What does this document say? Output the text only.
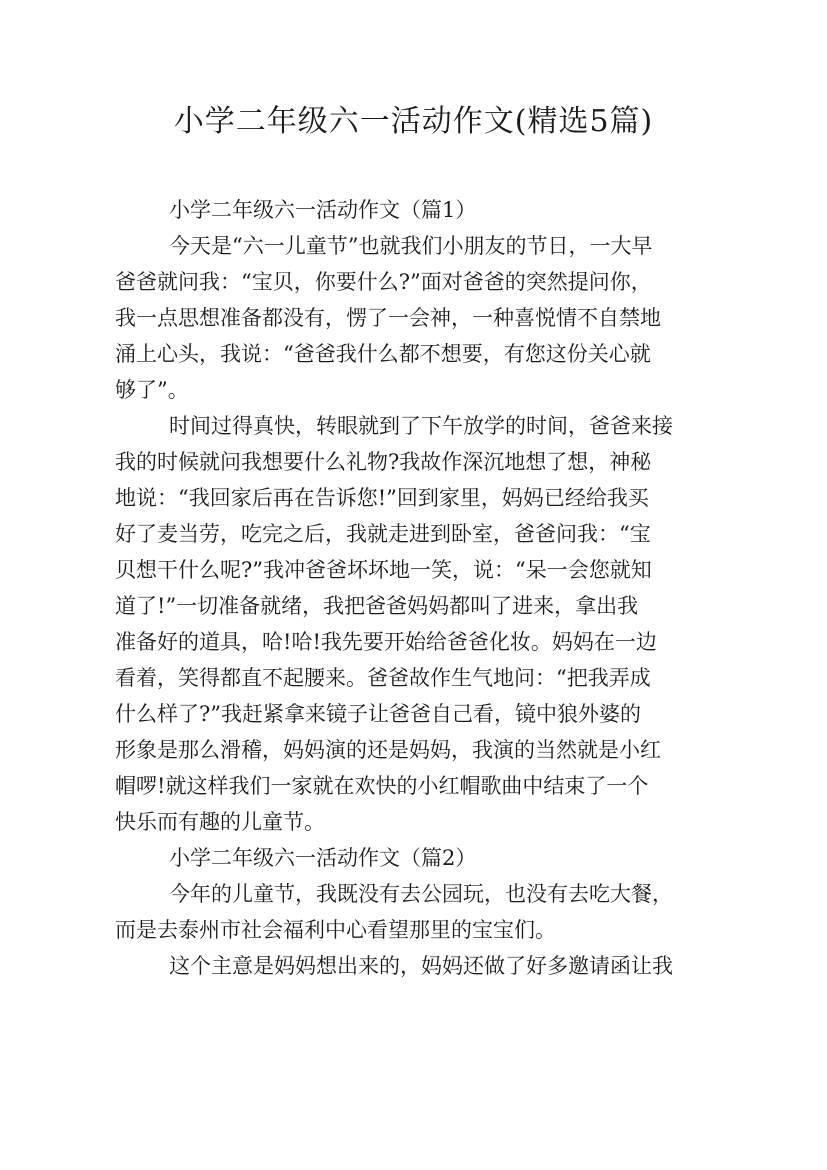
小学二年级六一活动作文(精选5篇)

小学二年级六一活动作文（篇1）

今天是“六一儿童节”也就我们小朋友的节日，一大早
爸爸就问我：“宝贝，你要什么?”面对爸爸的突然提问你，
我一点思想准备都没有，愣了一会神，一种喜悦情不自禁地
涌上心头，我说：“爸爸我什么都不想要，有您这份关心就
够了”。
时间过得真快，转眼就到了下午放学的时间，爸爸来接
我的时候就问我想要什么礼物?我故作深沉地想了想，神秘
地说：“我回家后再在告诉您!”回到家里，妈妈已经给我买
好了麦当劳，吃完之后，我就走进到卧室，爸爸问我：“宝
贝想干什么呢?”我冲爸爸坏坏地一笑，说：“呆一会您就知
道了!”一切准备就绪，我把爸爸妈妈都叫了进来，拿出我
准备好的道具，哈!哈!我先要开始给爸爸化妆。妈妈在一边
看着，笑得都直不起腰来。爸爸故作生气地问：“把我弄成
什么样了?”我赶紧拿来镜子让爸爸自己看，镜中狼外婆的
形象是那么滑稽，妈妈演的还是妈妈，我演的当然就是小红
帽啰!就这样我们一家就在欢快的小红帽歌曲中结束了一个
快乐而有趣的儿童节。

小学二年级六一活动作文（篇2）

今年的儿童节，我既没有去公园玩，也没有去吃大餐，
而是去泰州市社会福利中心看望那里的宝宝们。
这个主意是妈妈想出来的，妈妈还做了好多邀请函让我
